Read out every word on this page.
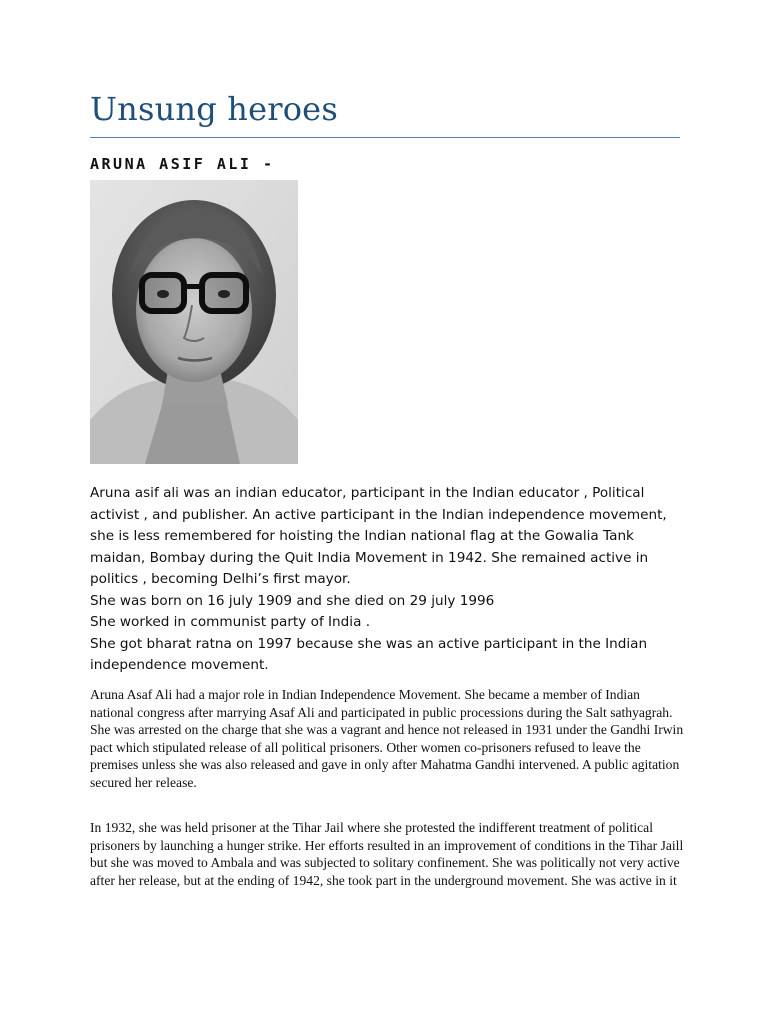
Unsung heroes
ARUNA ASIF ALI -

Aruna asif ali was an indian educator, participant in the Indian educator , Political activist , and publisher. An active participant in the Indian independence movement, she is less remembered for hoisting the Indian national flag at the Gowalia Tank maidan, Bombay during the Quit India Movement in 1942. She remained active in politics , becoming Delhi’s first mayor.

She was born on 16 july 1909 and she died on 29 july 1996

She worked in communist party of India .

She got bharat ratna on 1997 because she was an active participant in the Indian independence movement.

Aruna Asaf Ali had a major role in Indian Independence Movement. She became a member of Indian national congress after marrying Asaf Ali and participated in public processions during the Salt sathyagrah. She was arrested on the charge that she was a vagrant and hence not released in 1931 under the Gandhi Irwin pact which stipulated release of all political prisoners. Other women co-prisoners refused to leave the premises unless she was also released and gave in only after Mahatma Gandhi intervened. A public agitation secured her release.

In 1932, she was held prisoner at the Tihar Jail where she protested the indifferent treatment of political prisoners by launching a hunger strike. Her efforts resulted in an improvement of conditions in the Tihar Jaill but she was moved to Ambala and was subjected to solitary confinement. She was politically not very active after her release, but at the ending of 1942, she took part in the underground movement. She was active in it
